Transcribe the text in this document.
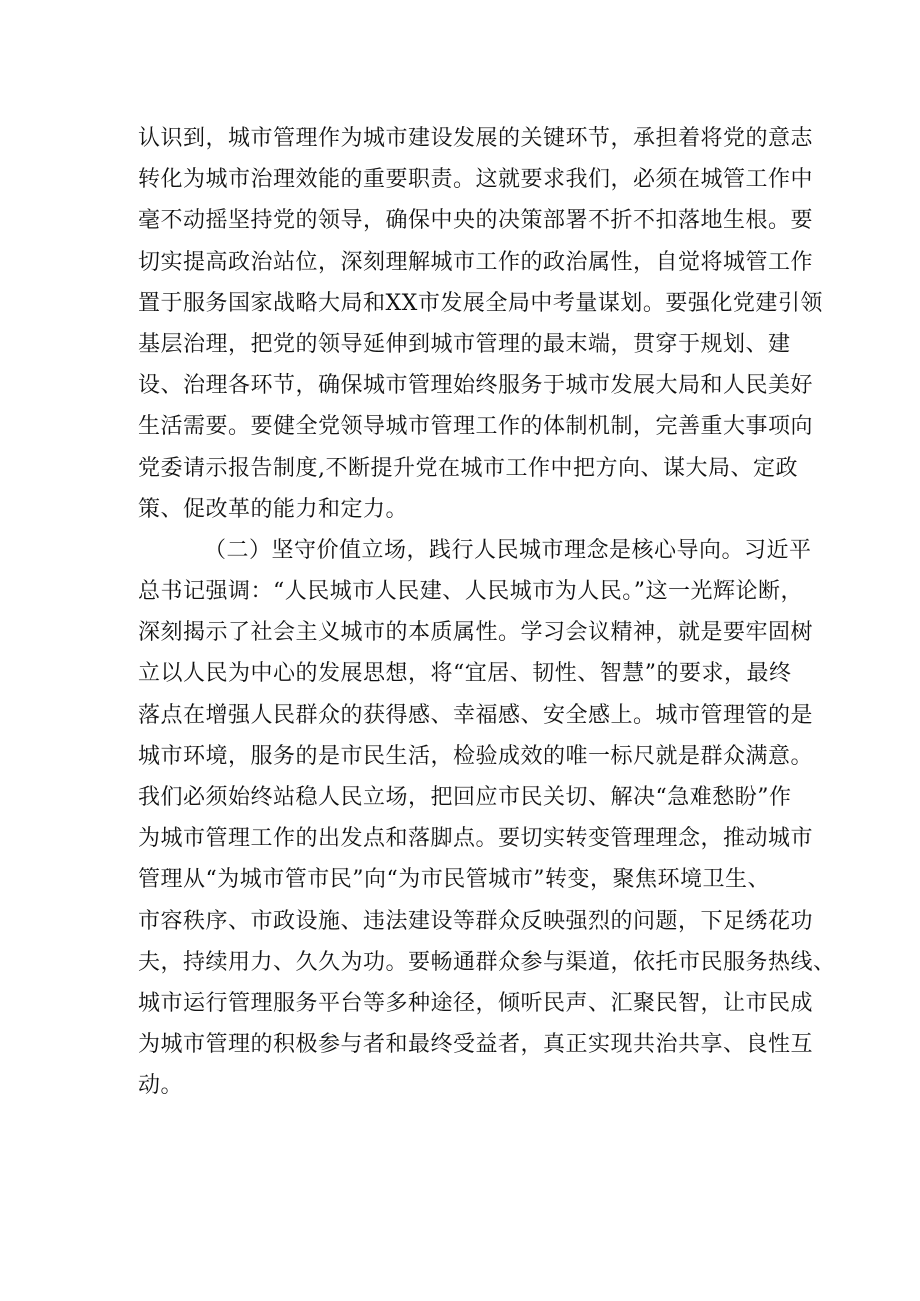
认识到，城市管理作为城市建设发展的关键环节，承担着将党的意志
转化为城市治理效能的重要职责。这就要求我们，必须在城管工作中
毫不动摇坚持党的领导，确保中央的决策部署不折不扣落地生根。要
切实提高政治站位，深刻理解城市工作的政治属性，自觉将城管工作
置于服务国家战略大局和XX市发展全局中考量谋划。要强化党建引领
基层治理，把党的领导延伸到城市管理的最末端，贯穿于规划、建
设、治理各环节，确保城市管理始终服务于城市发展大局和人民美好
生活需要。要健全党领导城市管理工作的体制机制，完善重大事项向
党委请示报告制度,不断提升党在城市工作中把方向、谋大局、定政
策、促改革的能力和定力。
（二）坚守价值立场，践行人民城市理念是核心导向。习近平
总书记强调：“人民城市人民建、人民城市为人民。”这一光辉论断，
深刻揭示了社会主义城市的本质属性。学习会议精神，就是要牢固树
立以人民为中心的发展思想，将“宜居、韧性、智慧”的要求，最终
落点在增强人民群众的获得感、幸福感、安全感上。城市管理管的是
城市环境，服务的是市民生活，检验成效的唯一标尺就是群众满意。
我们必须始终站稳人民立场，把回应市民关切、解决“急难愁盼”作
为城市管理工作的出发点和落脚点。要切实转变管理理念，推动城市
管理从“为城市管市民”向“为市民管城市”转变，聚焦环境卫生、
市容秩序、市政设施、违法建设等群众反映强烈的问题，下足绣花功
夫，持续用力、久久为功。要畅通群众参与渠道，依托市民服务热线、
城市运行管理服务平台等多种途径，倾听民声、汇聚民智，让市民成
为城市管理的积极参与者和最终受益者，真正实现共治共享、良性互
动。
